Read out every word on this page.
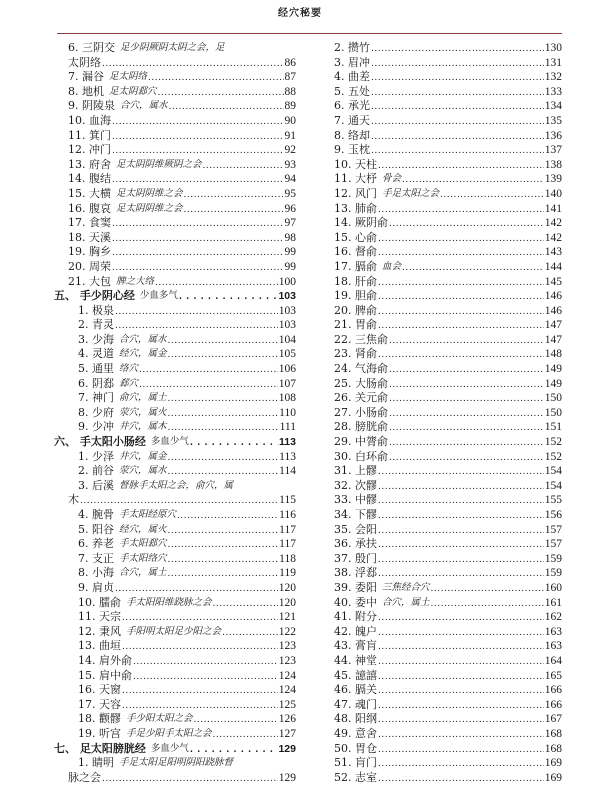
经穴秘要
6. 三阴交 足少阴厥阴太阴之会，足
太阴络 .....	86
7. 漏谷 足太阴络 .....	87
8. 地机 足太阴郄穴 .....	88
9. 阴陵泉 合穴，属水 .....	89
10. 血海 .....	90
11. 箕门 .....	91
12. 冲门 .....	92
13. 府舍 足太阴阴维厥阴之会 .....	93
14. 腹结 .....	94
15. 大横 足太阴阴维之会 .....	95
16. 腹哀 足太阴阴维之会 .....	96
17. 食窦 .....	97
18. 天溪 .....	98
19. 胸乡 .....	99
20. 周荣 .....	99
21. 大包 脾之大络 .....	100
五、 手少阴心经 少血多气 . . .	103
1. 极泉 .....	103
2. 青灵 .....	103
3. 少海 合穴，属水 .....	104
4. 灵道 经穴，属金 .....	105
5. 通里 络穴 .....	106
6. 阴郄 郄穴 .....	107
7. 神门 俞穴，属土 .....	108
8. 少府 荥穴，属火 .....	110
9. 少冲 井穴，属木 .....	111
六、 手太阳小肠经 多血少气 . . .	113
1. 少泽 井穴，属金 .....	113
2. 前谷 荥穴，属水 .....	114
3. 后溪 督脉手太阳之会，俞穴，属
木 .....	115
4. 腕骨 手太阳经原穴 .....	116
5. 阳谷 经穴，属火 .....	117
6. 养老 手太阳郄穴 .....	117
7. 支正 手太阳络穴 .....	118
8. 小海 合穴，属土 .....	119
9. 肩贞 .....	120
10. 臑俞 手太阳阳维跷脉之会 .....	120
11. 天宗 .....	121
12. 秉风 手阳明太阳足少阳之会 .....	122
13. 曲垣 .....	123
14. 肩外俞 .....	123
15. 肩中俞 .....	124
16. 天窗 .....	124
17. 天容 .....	125
18. 颧髎 手少阳太阳之会 .....	126
19. 听宫 手足少阳手太阳之会 .....	127
七、 足太阳膀胱经 多血少气 . . .	129
1. 睛明 手足太阳足阳明阴阳跷脉督
脉之会 .....	129
2. 攒竹 .....	130
3. 眉冲 .....	131
4. 曲差 .....	132
5. 五处 .....	133
6. 承光 .....	134
7. 通天 .....	135
8. 络却 .....	136
9. 玉枕 .....	137
10. 天柱 .....	138
11. 大杼 骨会 .....	139
12. 风门 手足太阳之会 .....	140
13. 肺俞 .....	141
14. 厥阴俞 .....	142
15. 心俞 .....	142
16. 督俞 .....	143
17. 膈俞 血会 .....	144
18. 肝俞 .....	145
19. 胆俞 .....	146
20. 脾俞 .....	146
21. 胃俞 .....	147
22. 三焦俞 .....	147
23. 肾俞 .....	148
24. 气海俞 .....	149
25. 大肠俞 .....	149
26. 关元俞 .....	150
27. 小肠俞 .....	150
28. 膀胱俞 .....	151
29. 中膂俞 .....	152
30. 白环俞 .....	152
31. 上髎 .....	154
32. 次髎 .....	154
33. 中髎 .....	155
34. 下髎 .....	156
35. 会阳 .....	157
36. 承扶 .....	157
37. 殷门 .....	159
38. 浮郄 .....	159
39. 委阳 三焦经合穴 .....	160
40. 委中 合穴，属土 .....	161
41. 附分 .....	162
42. 魄户 .....	163
43. 膏肓 .....	163
44. 神堂 .....	164
45. 譩譆 .....	165
46. 膈关 .....	166
47. 魂门 .....	166
48. 阳纲 .....	167
49. 意舍 .....	168
50. 胃仓 .....	168
51. 肓门 .....	169
52. 志室 .....	169
